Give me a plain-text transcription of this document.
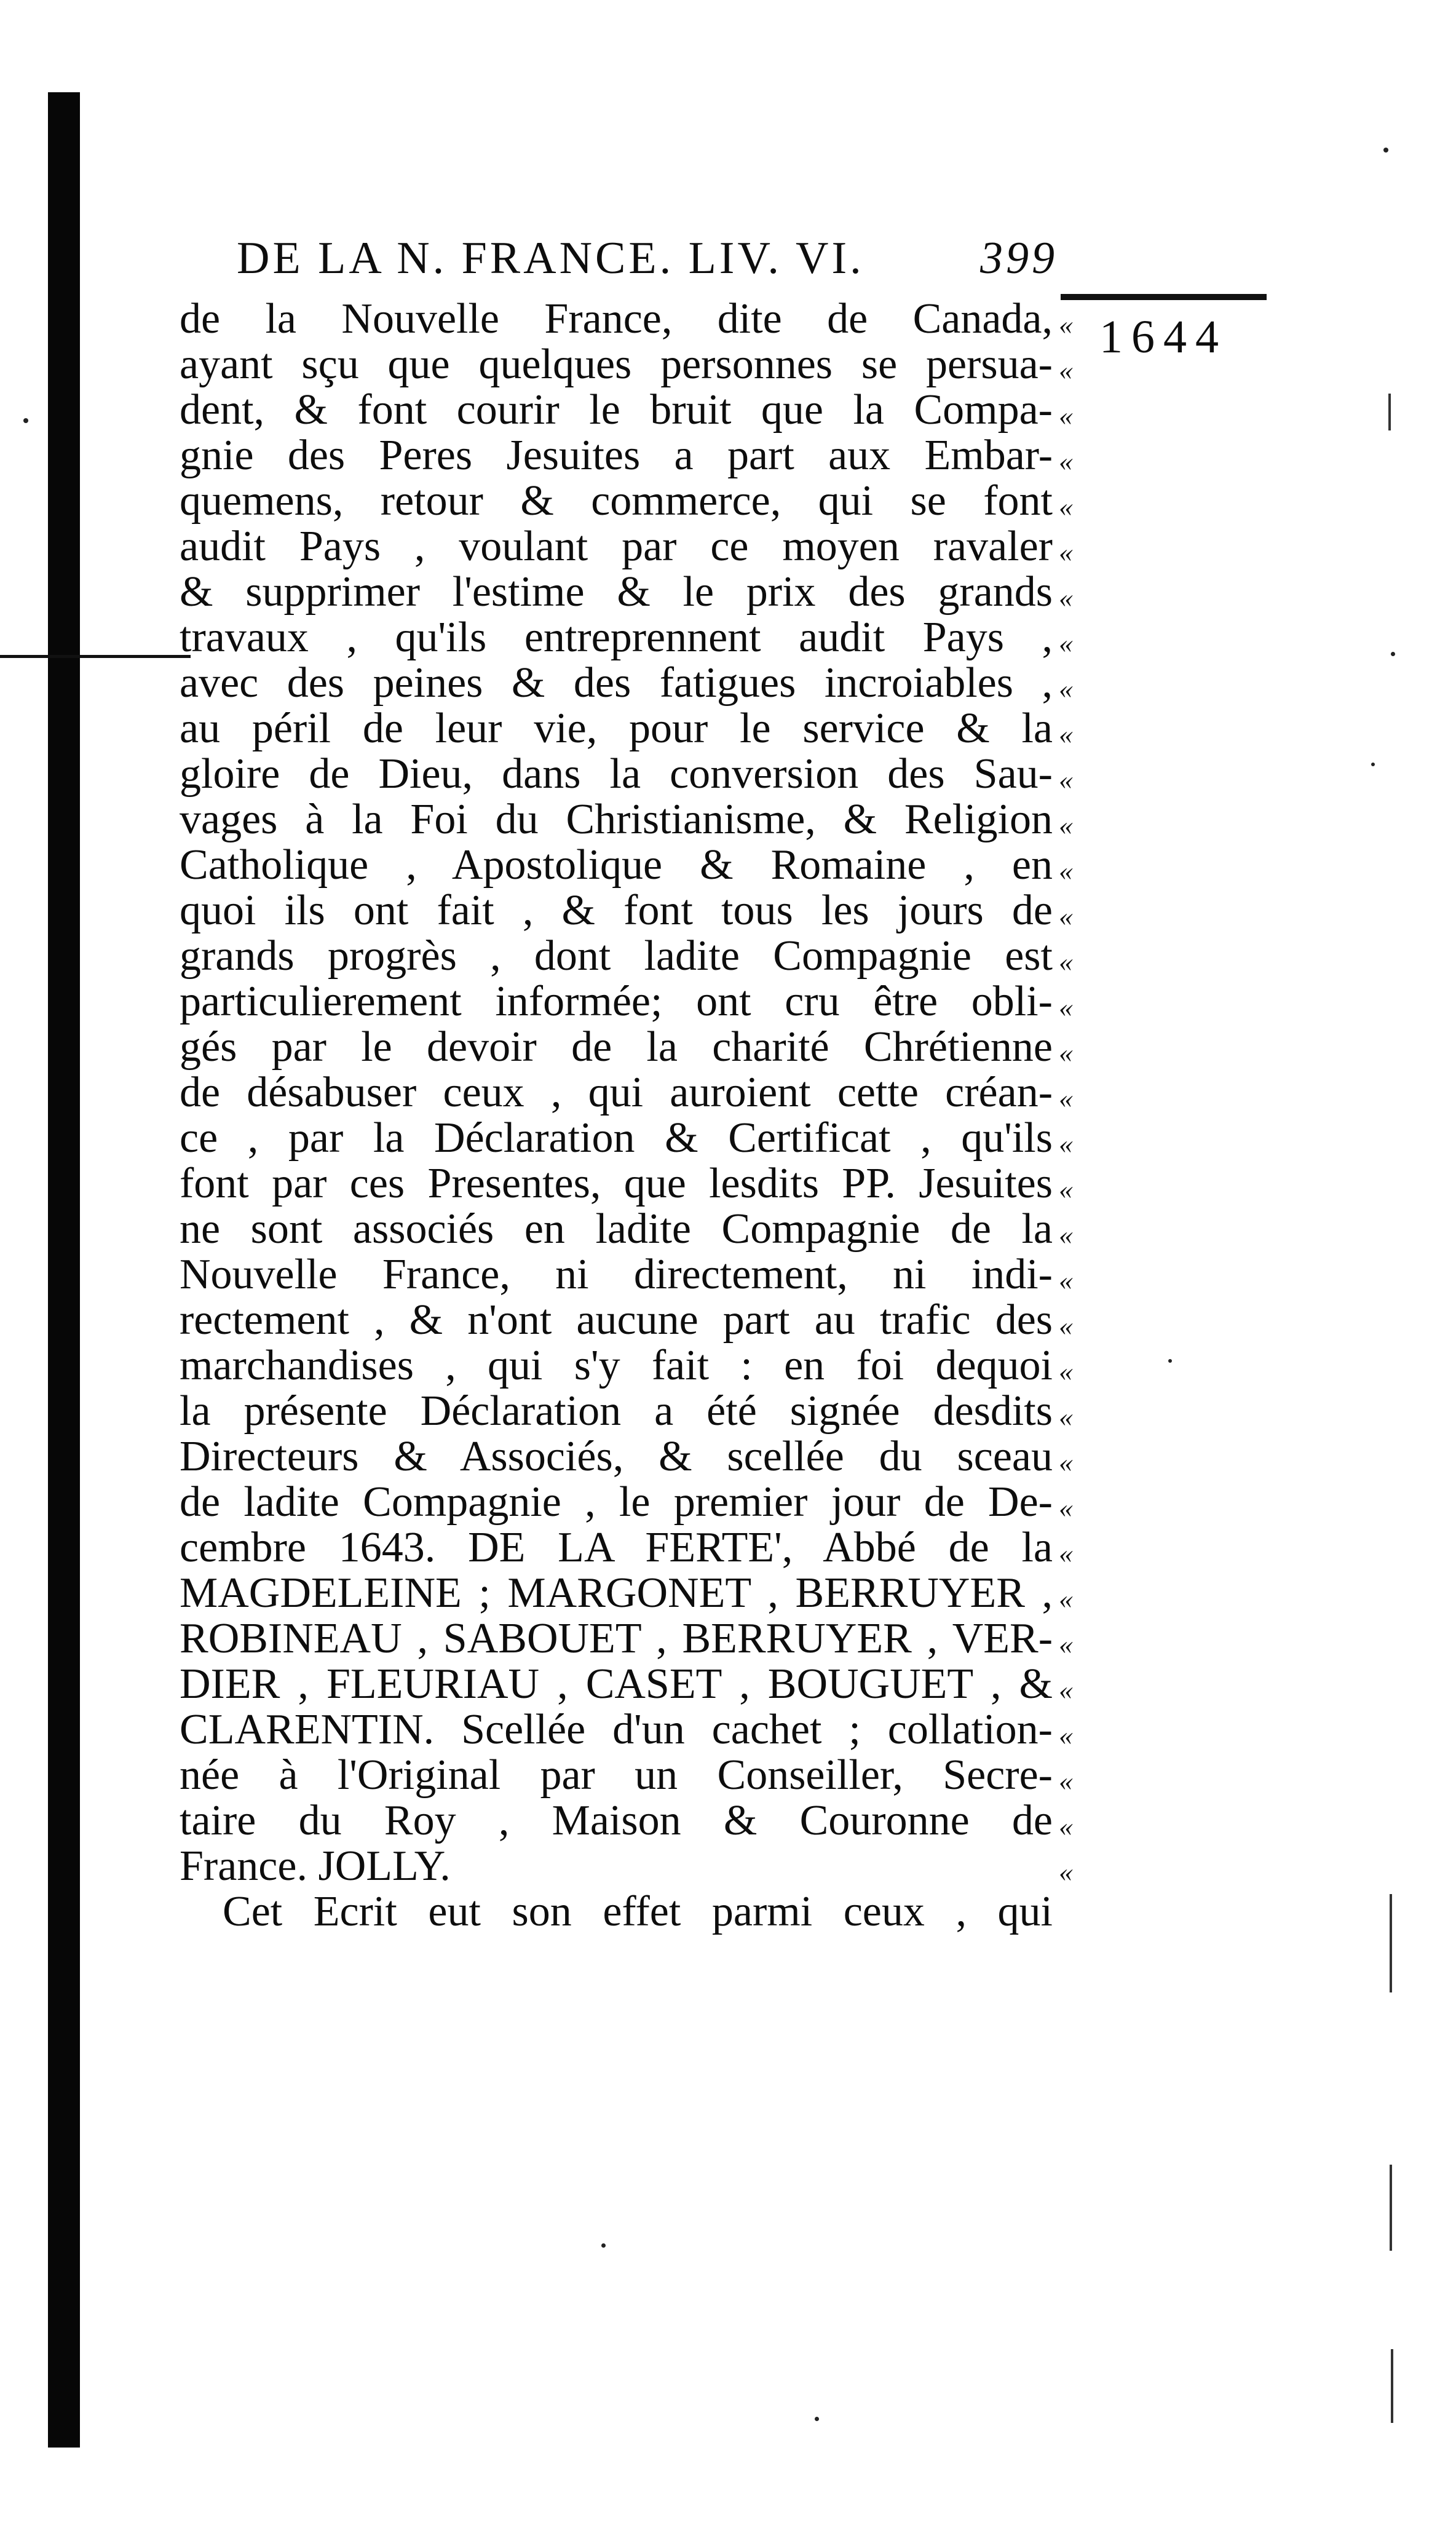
DE LA N. FRANCE. LIV. VI.	399
1644
de la Nouvelle France, dite de Canada,
ayant sçu que quelques personnes se persua-
dent, & font courir le bruit que la Compa-
gnie des Peres Jesuites a part aux Embar-
quemens, retour & commerce, qui se font
audit Pays , voulant par ce moyen ravaler
& supprimer l'estime & le prix des grands
travaux , qu'ils entreprennent audit Pays ,
avec des peines & des fatigues incroiables ,
au péril de leur vie, pour le service & la
gloire de Dieu, dans la conversion des Sau-
vages à la Foi du Christianisme, & Religion
Catholique , Apostolique & Romaine , en
quoi ils ont fait , & font tous les jours de
grands progrès , dont ladite Compagnie est
particulierement informée; ont cru être obli-
gés par le devoir de la charité Chrétienne
de désabuser ceux , qui auroient cette créan-
ce , par la Déclaration & Certificat , qu'ils
font par ces Presentes, que lesdits PP. Jesuites
ne sont associés en ladite Compagnie de la
Nouvelle France, ni directement, ni indi-
rectement , & n'ont aucune part au trafic des
marchandises , qui s'y fait : en foi dequoi
la présente Déclaration a été signée desdits
Directeurs & Associés, & scellée du sceau
de ladite Compagnie , le premier jour de De-
cembre 1643. DE LA FERTE', Abbé de la
MAGDELEINE ; MARGONET , BERRUYER ,
ROBINEAU , SABOUET , BERRUYER , VER-
DIER , FLEURIAU , CASET , BOUGUET , &
CLARENTIN. Scellée d'un cachet ; collation-
née à l'Original par un Conseiller, Secre-
taire du Roy , Maison & Couronne de
France. JOLLY.
Cet Ecrit eut son effet parmi ceux , qui
«
«
«
«
«
«
«
«
«
«
«
«
«
«
«
«
«
«
«
«
«
«
«
«
«
«
«
«
«
«
«
«
«
«
«
